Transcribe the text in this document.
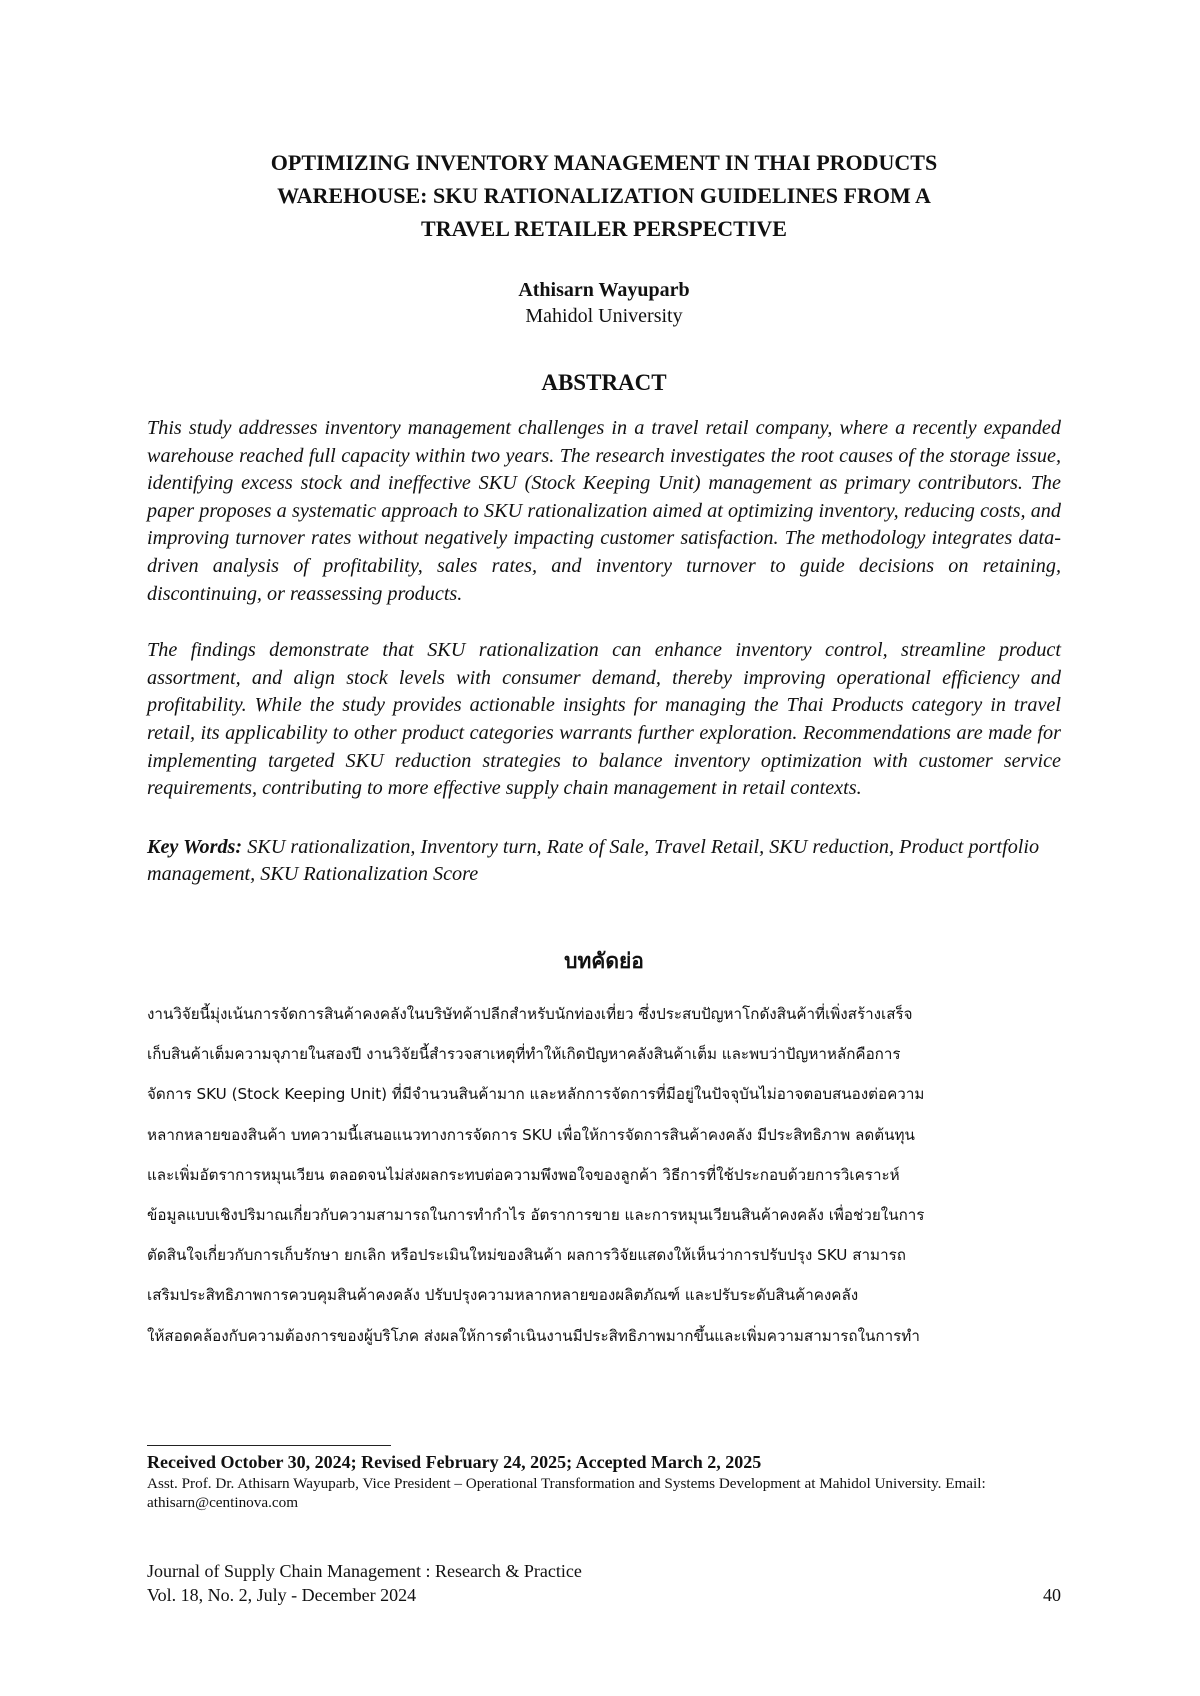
OPTIMIZING INVENTORY MANAGEMENT IN THAI PRODUCTS
WAREHOUSE: SKU RATIONALIZATION GUIDELINES FROM A
TRAVEL RETAILER PERSPECTIVE
Athisarn Wayuparb
Mahidol University
ABSTRACT

This study addresses inventory management challenges in a travel retail company, where a recently expanded warehouse reached full capacity within two years. The research investigates the root causes of the storage issue, identifying excess stock and ineffective SKU (Stock Keeping Unit) management as primary contributors. The paper proposes a systematic approach to SKU rationalization aimed at optimizing inventory, reducing costs, and improving turnover rates without negatively impacting customer satisfaction. The methodology integrates data-driven analysis of profitability, sales rates, and inventory turnover to guide decisions on retaining, discontinuing, or reassessing products.

The findings demonstrate that SKU rationalization can enhance inventory control, streamline product assortment, and align stock levels with consumer demand, thereby improving operational efficiency and profitability. While the study provides actionable insights for managing the Thai Products category in travel retail, its applicability to other product categories warrants further exploration. Recommendations are made for implementing targeted SKU reduction strategies to balance inventory optimization with customer service requirements, contributing to more effective supply chain management in retail contexts.

Key Words: SKU rationalization, Inventory turn, Rate of Sale, Travel Retail, SKU reduction, Product portfolio management, SKU Rationalization Score
บทคัดย่อ
งานวิจัยนี้มุ่งเน้นการจัดการสินค้าคงคลังในบริษัทค้าปลีกสำหรับนักท่องเที่ยว ซึ่งประสบปัญหาโกดังสินค้าที่เพิ่งสร้างเสร็จ
เก็บสินค้าเต็มความจุภายในสองปี งานวิจัยนี้สำรวจสาเหตุที่ทำให้เกิดปัญหาคลังสินค้าเต็ม และพบว่าปัญหาหลักคือการ
จัดการ SKU (Stock Keeping Unit) ที่มีจำนวนสินค้ามาก และหลักการจัดการที่มีอยู่ในปัจจุบันไม่อาจตอบสนองต่อความ
หลากหลายของสินค้า บทความนี้เสนอแนวทางการจัดการ SKU เพื่อให้การจัดการสินค้าคงคลัง มีประสิทธิภาพ ลดต้นทุน
และเพิ่มอัตราการหมุนเวียน ตลอดจนไม่ส่งผลกระทบต่อความพึงพอใจของลูกค้า วิธีการที่ใช้ประกอบด้วยการวิเคราะห์
ข้อมูลแบบเชิงปริมาณเกี่ยวกับความสามารถในการทำกำไร อัตราการขาย และการหมุนเวียนสินค้าคงคลัง เพื่อช่วยในการ
ตัดสินใจเกี่ยวกับการเก็บรักษา ยกเลิก หรือประเมินใหม่ของสินค้า ผลการวิจัยแสดงให้เห็นว่าการปรับปรุง SKU สามารถ
เสริมประสิทธิภาพการควบคุมสินค้าคงคลัง ปรับปรุงความหลากหลายของผลิตภัณฑ์ และปรับระดับสินค้าคงคลัง
ให้สอดคล้องกับความต้องการของผู้บริโภค ส่งผลให้การดำเนินงานมีประสิทธิภาพมากขึ้นและเพิ่มความสามารถในการทำ
Received October 30, 2024; Revised February 24, 2025; Accepted March 2, 2025
Asst. Prof. Dr. Athisarn Wayuparb, Vice President – Operational Transformation and Systems Development at Mahidol University. Email: athisarn@centinova.com
Journal of Supply Chain Management : Research & Practice
Vol. 18, No. 2, July - December 2024	40
